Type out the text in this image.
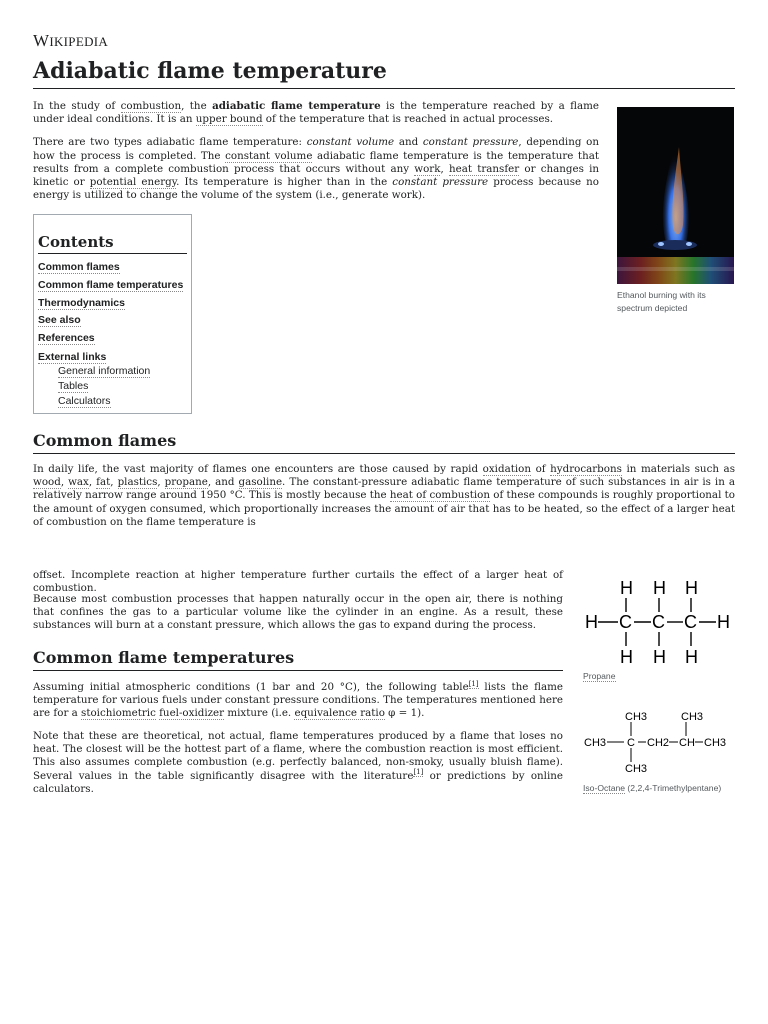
WIKIPEDIA
Adiabatic flame temperature

In the study of combustion, the adiabatic flame temperature is the temperature reached by a flame under ideal conditions. It is an upper bound of the temperature that is reached in actual processes.

There are two types adiabatic flame temperature: constant volume and constant pressure, depending on how the process is completed. The constant volume adiabatic flame temperature is the temperature that results from a complete combustion process that occurs without any work, heat transfer or changes in kinetic or potential energy. Its temperature is higher than in the constant pressure process because no energy is utilized to change the volume of the system (i.e., generate work).

Ethanol burning with its spectrum depicted
Contents
Common flames
Common flame temperatures
Thermodynamics
See also
References
External links
General information
Tables
Calculators
Common flames

In daily life, the vast majority of flames one encounters are those caused by rapid oxidation of hydrocarbons in materials such as wood, wax, fat, plastics, propane, and gasoline. The constant-pressure adiabatic flame temperature of such substances in air is in a relatively narrow range around 1950 °C. This is mostly because the heat of combustion of these compounds is roughly proportional to the amount of oxygen consumed, which proportionally increases the amount of air that has to be heated, so the effect of a larger heat of combustion on the flame temperature is

offset. Incomplete reaction at higher temperature further curtails the effect of a larger heat of combustion.

Because most combustion processes that happen naturally occur in the open air, there is nothing that confines the gas to a particular volume like the cylinder in an engine. As a result, these substances will burn at a constant pressure, which allows the gas to expand during the process.

Common flame temperatures

Assuming initial atmospheric conditions (1 bar and 20 °C), the following table[1] lists the flame temperature for various fuels under constant pressure conditions. The temperatures mentioned here are for a stoichiometric fuel-oxidizer mixture (i.e. equivalence ratio φ = 1).

Note that these are theoretical, not actual, flame temperatures produced by a flame that loses no heat. The closest will be the hottest part of a flame, where the combustion reaction is most efficient. This also assumes complete combustion (e.g. perfectly balanced, non-smoky, usually bluish flame). Several values in the table significantly disagree with the literature[1] or predictions by online calculators.

H H H
H C C C H
H H H
Propane
CH3	CH3
CH3 C CH2 CH CH3
CH3
Iso-Octane (2,2,4-Trimethylpentane)
